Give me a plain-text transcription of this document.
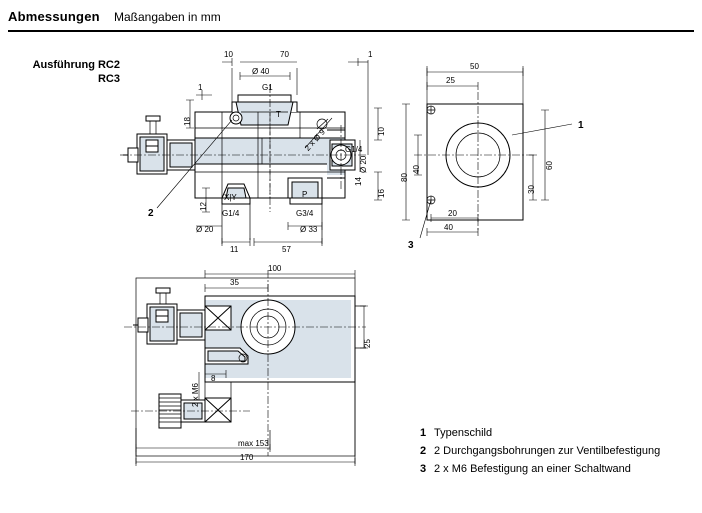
Abmessungen Maßangaben in mm
Ausführung RC2
RC3
2 x Ø 9
10	70	1
Ø 40
G1
T
18
1
10
16
Ø 20
G1/4
14
12
X|Y
G1/4
P
G3/4
Ø 20	Ø 33
11	57
2
50
25
40
80
60
30
20
40
1
3
100
35
25
8
2 x M6
max 153
170
1 Typenschild
2 2 Durchgangsbohrungen zur Ventilbefestigung
3 2 x M6 Befestigung an einer Schaltwand
